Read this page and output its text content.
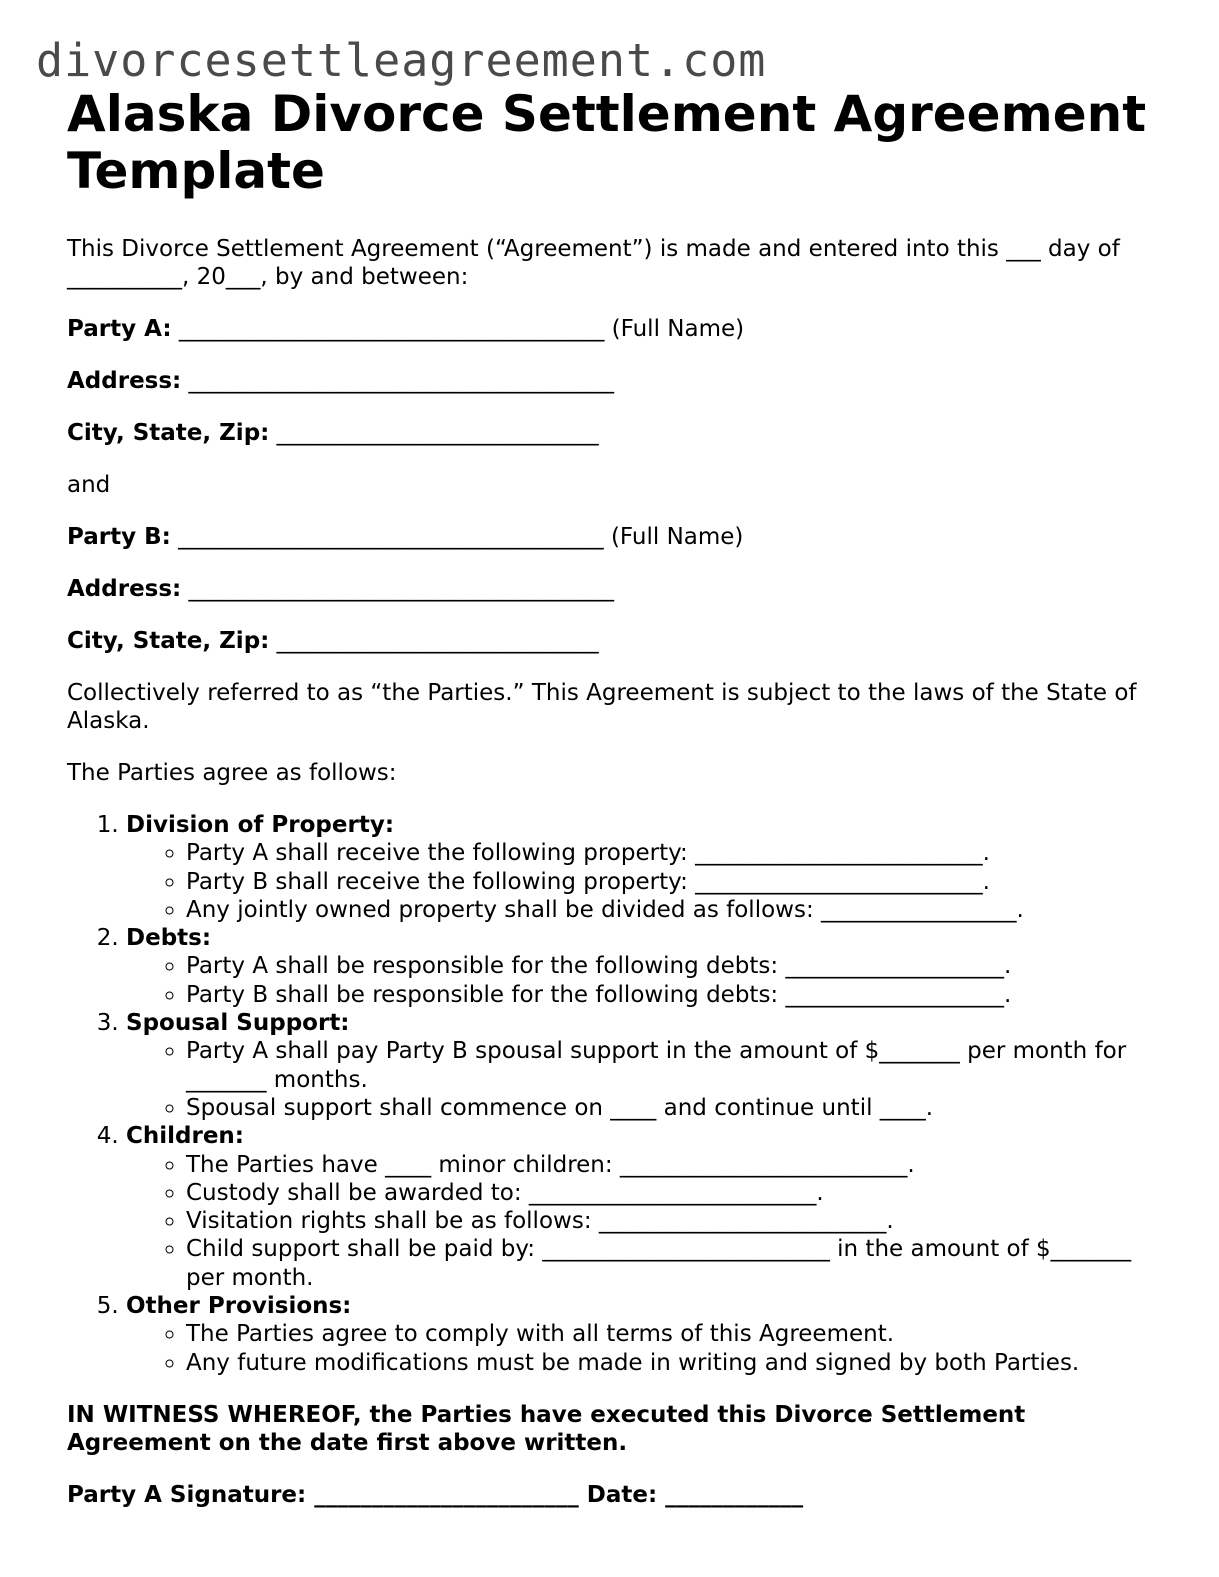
divorcesettleagreement.com
Alaska Divorce Settlement Agreement Template

This Divorce Settlement Agreement (“Agreement”) is made and entered into this ___ day of __________, 20___, by and between:

Party A: _____________________________________ (Full Name)

Address: _____________________________________

City, State, Zip: ____________________________

and

Party B: _____________________________________ (Full Name)

Address: _____________________________________

City, State, Zip: ____________________________

Collectively referred to as “the Parties.” This Agreement is subject to the laws of the State of Alaska.

The Parties agree as follows:

1. Division of Property:
◦ Party A shall receive the following property: _________________________.
◦ Party B shall receive the following property: _________________________.
◦ Any jointly owned property shall be divided as follows: _________________.
2. Debts:
◦ Party A shall be responsible for the following debts: ___________________.
◦ Party B shall be responsible for the following debts: ___________________.
3. Spousal Support:
◦ Party A shall pay Party B spousal support in the amount of $_______ per month for _______ months.
◦ Spousal support shall commence on ____ and continue until ____.
4. Children:
◦ The Parties have ____ minor children: _________________________.
◦ Custody shall be awarded to: _________________________.
◦ Visitation rights shall be as follows: _________________________.
◦ Child support shall be paid by: _________________________ in the amount of $_______ per month.
5. Other Provisions:
◦ The Parties agree to comply with all terms of this Agreement.
◦ Any future modifications must be made in writing and signed by both Parties.

IN WITNESS WHEREOF, the Parties have executed this Divorce Settlement Agreement on the date first above written.

Party A Signature: _______________________ Date: ____________
